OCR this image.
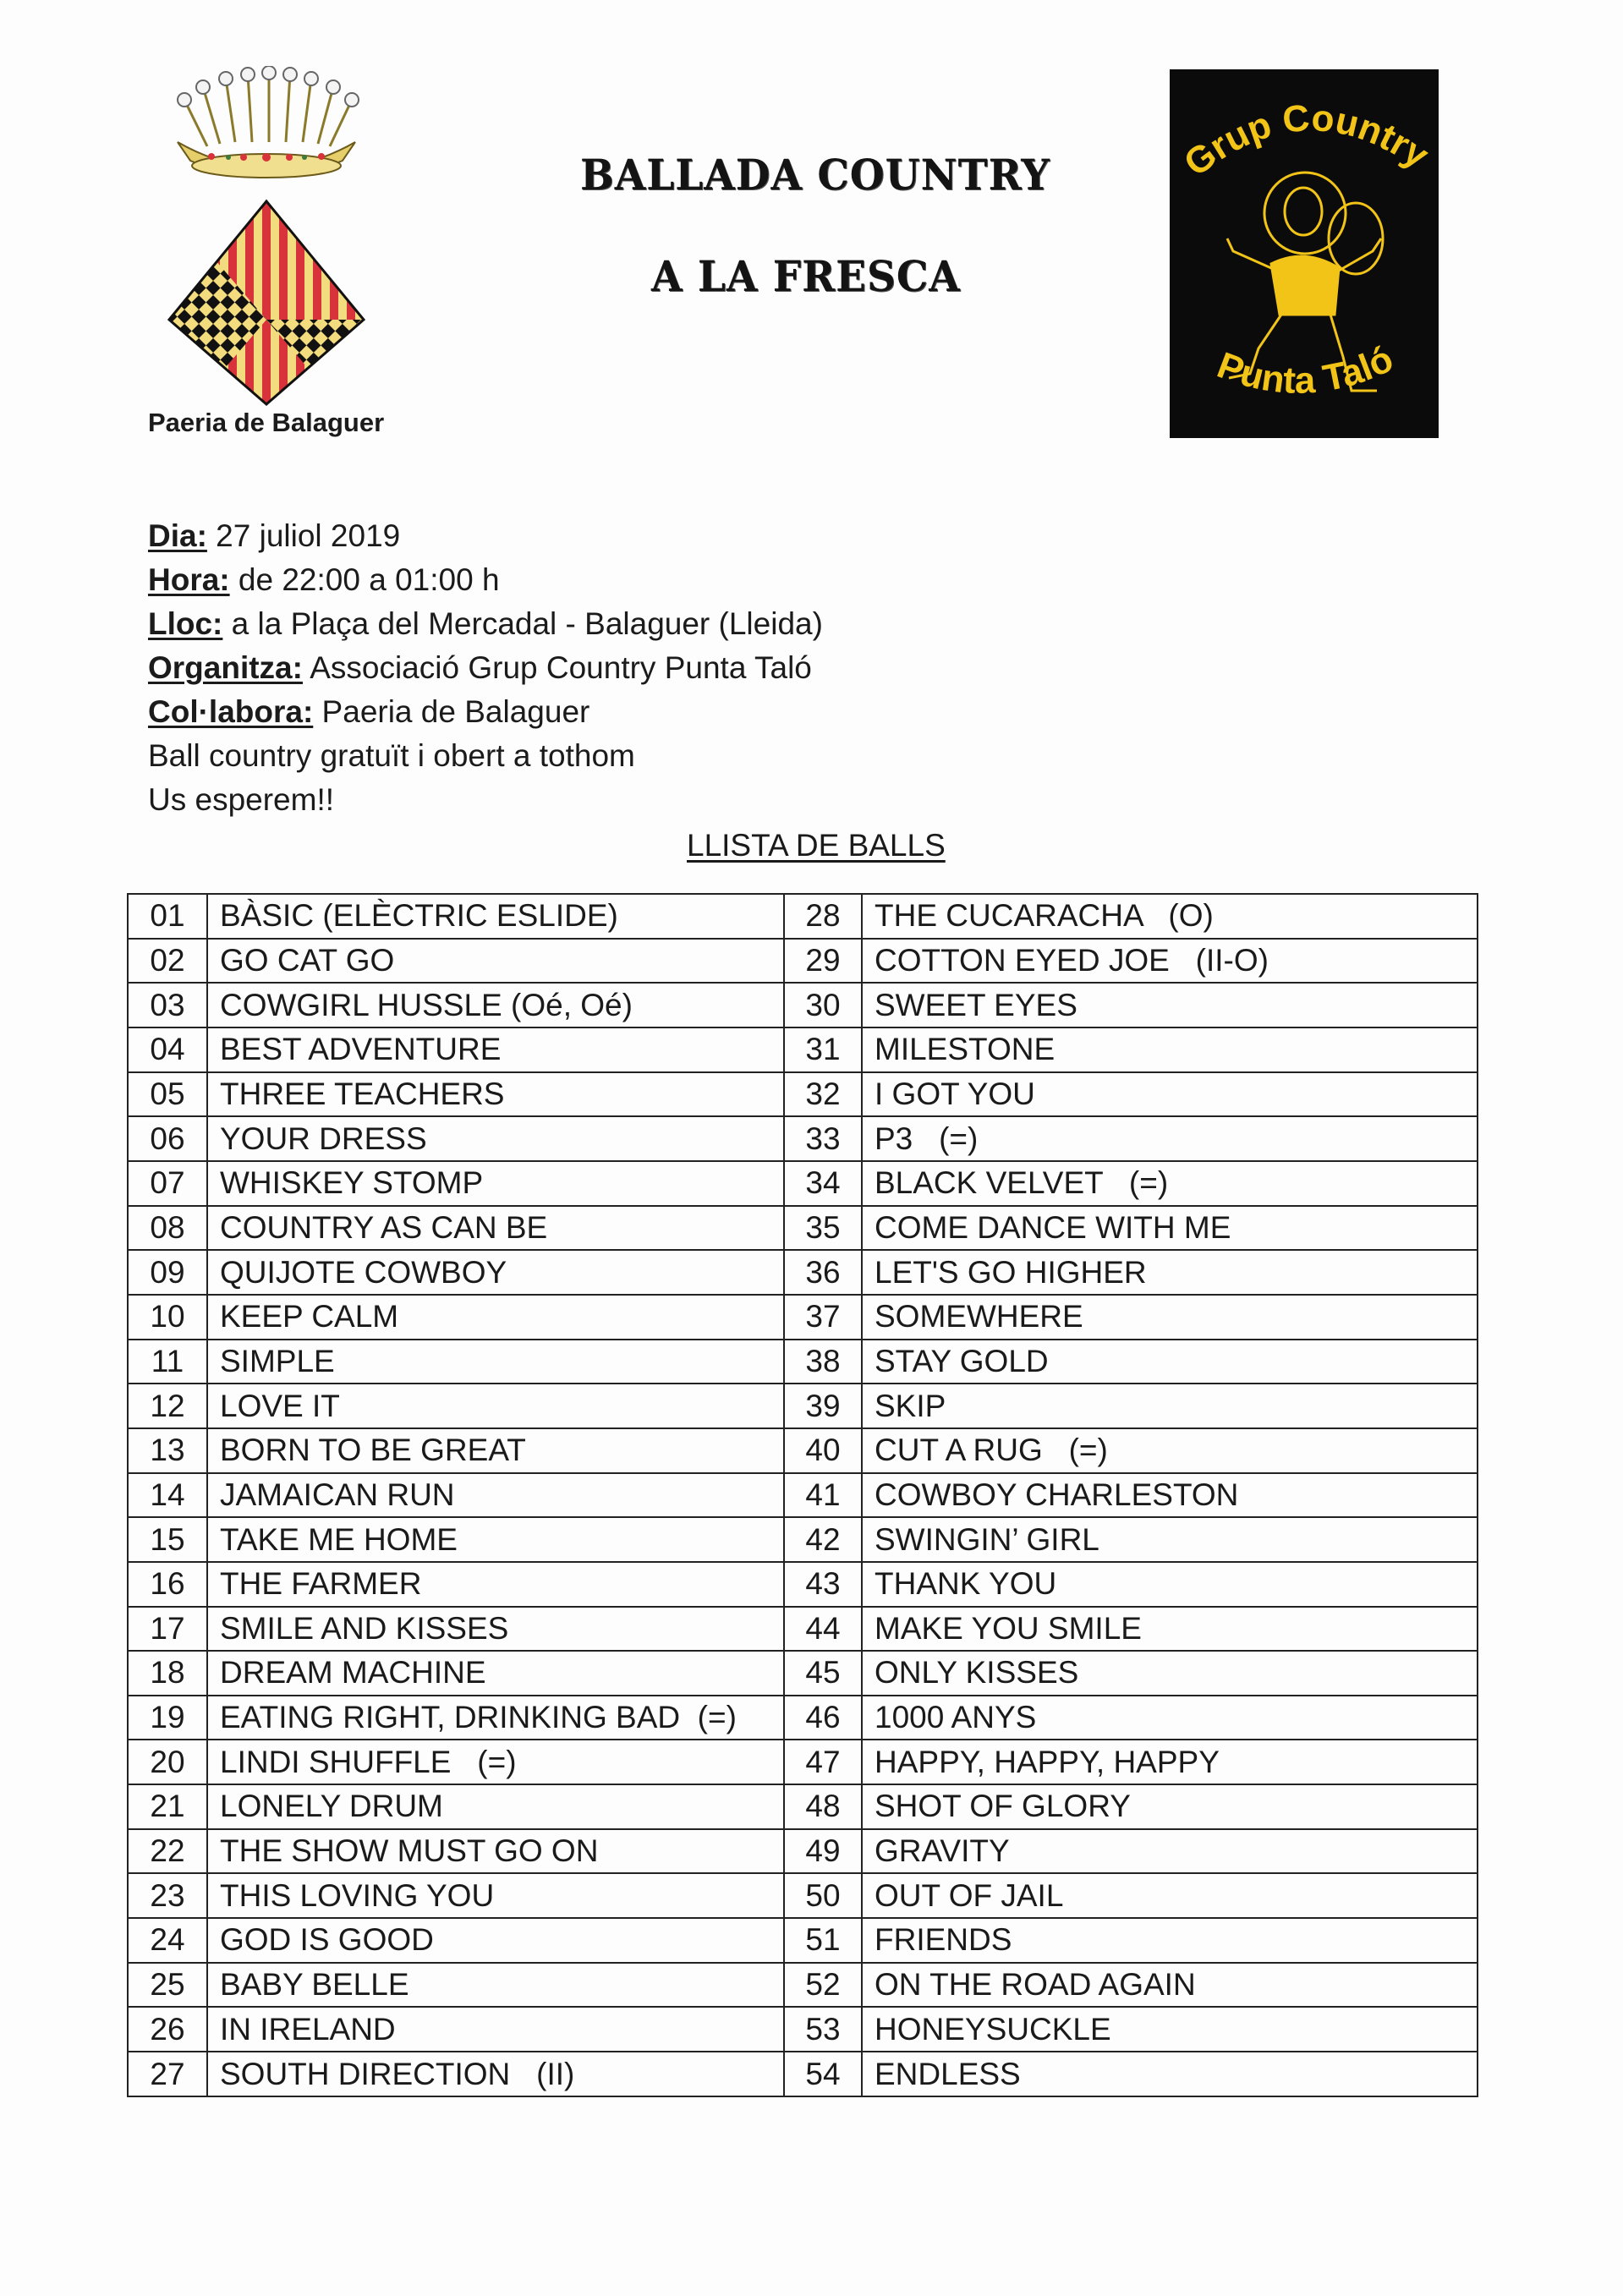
Paeria de Balaguer
BALLADA COUNTRY
A LA FRESCA
Grup Country
Punta Taló
Dia: 27 juliol 2019
Hora: de 22:00 a 01:00 h
Lloc: a la Plaça del Mercadal - Balaguer (Lleida)
Organitza: Associació Grup Country Punta Taló
Col·labora: Paeria de Balaguer
Ball country gratuït i obert a tothom
Us esperem!!
LLISTA DE BALLS
01	BÀSIC (ELÈCTRIC ESLIDE)	28	THE CUCARACHA   (O)
02	GO CAT GO	29	COTTON EYED JOE   (II-O)
03	COWGIRL HUSSLE (Oé, Oé)	30	SWEET EYES
04	BEST ADVENTURE	31	MILESTONE
05	THREE TEACHERS	32	I GOT YOU
06	YOUR DRESS	33	P3   (=)
07	WHISKEY STOMP	34	BLACK VELVET   (=)
08	COUNTRY AS CAN BE	35	COME DANCE WITH ME
09	QUIJOTE COWBOY	36	LET'S GO HIGHER
10	KEEP CALM	37	SOMEWHERE
11	SIMPLE	38	STAY GOLD
12	LOVE IT	39	SKIP
13	BORN TO BE GREAT	40	CUT A RUG   (=)
14	JAMAICAN RUN	41	COWBOY CHARLESTON
15	TAKE ME HOME	42	SWINGIN’ GIRL
16	THE FARMER	43	THANK YOU
17	SMILE AND KISSES	44	MAKE YOU SMILE
18	DREAM MACHINE	45	ONLY KISSES
19	EATING RIGHT, DRINKING BAD  (=)	46	1000 ANYS
20	LINDI SHUFFLE   (=)	47	HAPPY, HAPPY, HAPPY
21	LONELY DRUM	48	SHOT OF GLORY
22	THE SHOW MUST GO ON	49	GRAVITY
23	THIS LOVING YOU	50	OUT OF JAIL
24	GOD IS GOOD	51	FRIENDS
25	BABY BELLE	52	ON THE ROAD AGAIN
26	IN IRELAND	53	HONEYSUCKLE
27	SOUTH DIRECTION   (II)	54	ENDLESS
